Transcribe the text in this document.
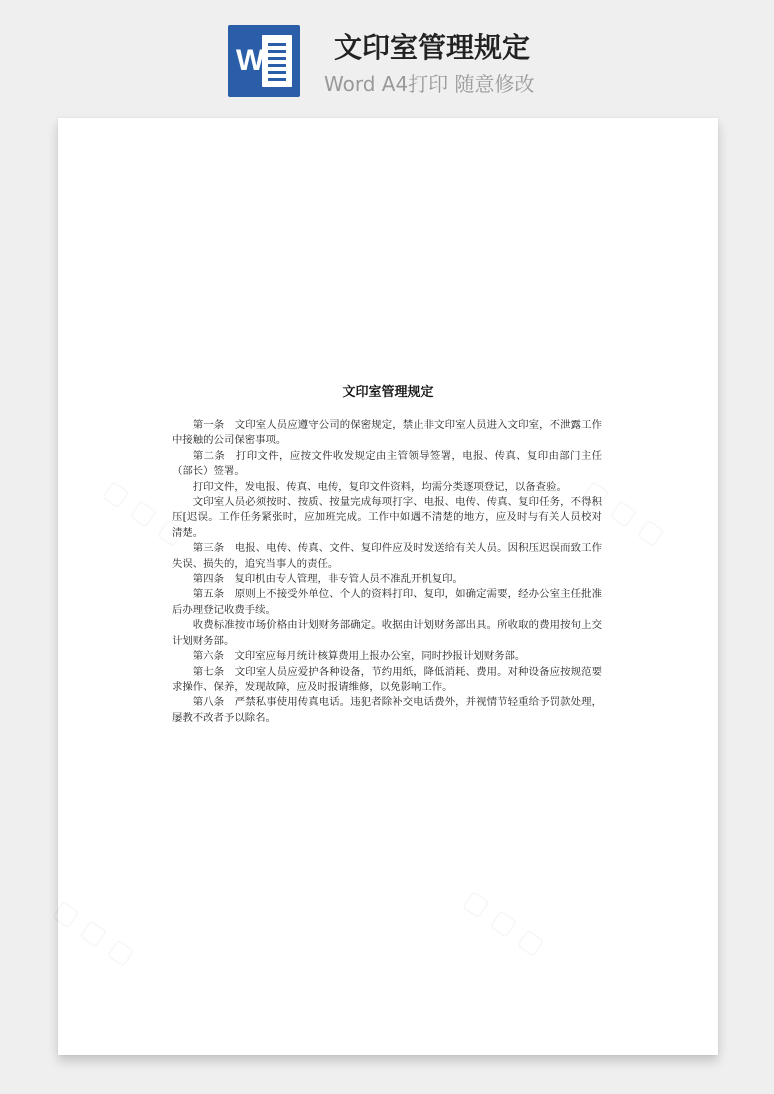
W 文印室管理规定
Word A4打印 随意修改
文印室管理规定

第一条　文印室人员应遵守公司的保密规定，禁止非文印室人员进入文印室，不泄露工作中接触的公司保密事项。

第二条　打印文件，应按文件收发规定由主管领导签署，电报、传真、复印由部门主任（部长）签署。

打印文件，发电报、传真、电传，复印文件资料，均需分类逐项登记，以备查验。

文印室人员必须按时、按质、按量完成每项打字、电报、电传、传真、复印任务，不得积压[迟误。工作任务紧张时，应加班完成。工作中如遇不清楚的地方，应及时与有关人员校对清楚。

第三条　电报、电传、传真、文件、复印件应及时发送给有关人员。因积压迟误而致工作失误、损失的，追究当事人的责任。

第四条　复印机由专人管理，非专管人员不准乱开机复印。

第五条　原则上不接受外单位、个人的资料打印、复印，如确定需要，经办公室主任批准后办理登记收费手续。

收费标准按市场价格由计划财务部确定。收据由计划财务部出具。所收取的费用按旬上交计划财务部。

第六条　文印室应每月统计核算费用上报办公室，同时抄报计划财务部。

第七条　文印室人员应爱护各种设备，节约用纸，降低消耗、费用。对种设备应按规范要求操作、保养，发现故障，应及时报请维修，以免影响工作。

第八条　严禁私事使用传真电话。违犯者除补交电话费外，并视情节轻重给予罚款处理，屡教不改者予以除名。
